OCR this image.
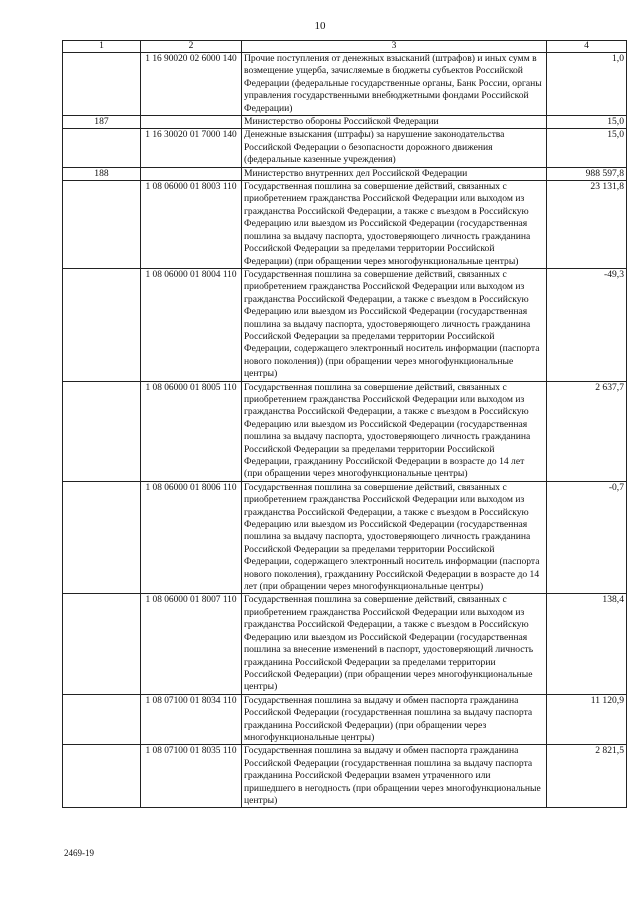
10
1	2	3	4
	1 16 90020 02 6000 140	Прочие поступления от денежных взысканий (штрафов) и иных сумм в возмещение ущерба, зачисляемые в бюджеты субъектов Российской Федерации (федеральные государственные органы, Банк России, органы управления государственными внебюджетными фондами Российской Федерации)	1,0
187		Министерство обороны Российской Федерации	15,0
	1 16 30020 01 7000 140	Денежные взыскания (штрафы) за нарушение законодательства Российской Федерации о безопасности дорожного движения (федеральные казенные учреждения)	15,0
188		Министерство внутренних дел Российской Федерации	988 597,8
	1 08 06000 01 8003 110	Государственная пошлина за совершение действий, связанных с приобретением гражданства Российской Федерации или выходом из гражданства Российской Федерации, а также с въездом в Российскую Федерацию или выездом из Российской Федерации (государственная пошлина за выдачу паспорта, удостоверяющего личность гражданина Российской Федерации за пределами территории Российской Федерации) (при обращении через многофункциональные центры)	23 131,8
	1 08 06000 01 8004 110	Государственная пошлина за совершение действий, связанных с приобретением гражданства Российской Федерации или выходом из гражданства Российской Федерации, а также с въездом в Российскую Федерацию или выездом из Российской Федерации (государственная пошлина за выдачу паспорта, удостоверяющего личность гражданина Российской Федерации за пределами территории Российской Федерации, содержащего электронный носитель информации (паспорта нового поколения)) (при обращении через многофункциональные центры)	-49,3
	1 08 06000 01 8005 110	Государственная пошлина за совершение действий, связанных с приобретением гражданства Российской Федерации или выходом из гражданства Российской Федерации, а также с въездом в Российскую Федерацию или выездом из Российской Федерации (государственная пошлина за выдачу паспорта, удостоверяющего личность гражданина Российской Федерации за пределами территории Российской Федерации, гражданину Российской Федерации в возрасте до 14 лет (при обращении через многофункциональные центры)	2 637,7
	1 08 06000 01 8006 110	Государственная пошлина за совершение действий, связанных с приобретением гражданства Российской Федерации или выходом из гражданства Российской Федерации, а также с въездом в Российскую Федерацию или выездом из Российской Федерации (государственная пошлина за выдачу паспорта, удостоверяющего личность гражданина Российской Федерации за пределами территории Российской Федерации, содержащего электронный носитель информации (паспорта нового поколения), гражданину Российской Федерации в возрасте до 14 лет (при обращении через многофункциональные центры)	-0,7
	1 08 06000 01 8007 110	Государственная пошлина за совершение действий, связанных с приобретением гражданства Российской Федерации или выходом из гражданства Российской Федерации, а также с въездом в Российскую Федерацию или выездом из Российской Федерации (государственная пошлина за внесение изменений в паспорт, удостоверяющий личность гражданина Российской Федерации за пределами территории Российской Федерации) (при обращении через многофункциональные центры)	138,4
	1 08 07100 01 8034 110	Государственная пошлина за выдачу и обмен паспорта гражданина Российской Федерации (государственная пошлина за выдачу паспорта гражданина Российской Федерации) (при обращении через многофункциональные центры)	11 120,9
	1 08 07100 01 8035 110	Государственная пошлина за выдачу и обмен паспорта гражданина Российской Федерации (государственная пошлина за выдачу паспорта гражданина Российской Федерации взамен утраченного или пришедшего в негодность (при обращении через многофункциональные центры)	2 821,5
2469-19
